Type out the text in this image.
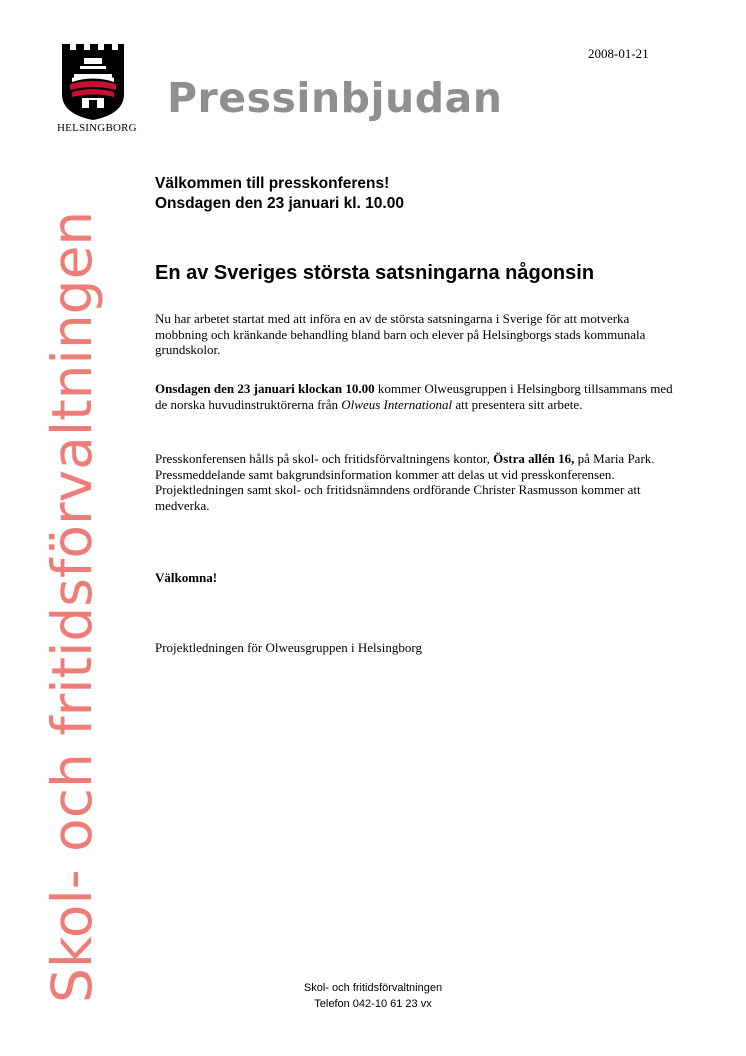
HELSINGBORG
2008-01-21
Pressinbjudan
Skol- och fritidsförvaltningen
Välkommen till presskonferens!
Onsdagen den 23 januari kl. 10.00
En av Sveriges största satsningarna någonsin

Nu har arbetet startat med att införa en av de största satsningarna i Sverige för att motverka mobbning och kränkande behandling bland barn och elever på Helsingborgs stads kommunala grundskolor.

Onsdagen den 23 januari klockan 10.00 kommer Olweusgruppen i Helsingborg tillsammans med de norska huvudinstruktörerna från Olweus International att presentera sitt arbete.

Presskonferensen hålls på skol- och fritidsförvaltningens kontor, Östra allén 16, på Maria Park. Pressmeddelande samt bakgrundsinformation kommer att delas ut vid presskonferensen. Projektledningen samt skol- och fritidsnämndens ordförande Christer Rasmusson kommer att medverka.

Välkomna!
Projektledningen för Olweusgruppen i Helsingborg
Skol- och fritidsförvaltningen
Telefon 042-10 61 23 vx
